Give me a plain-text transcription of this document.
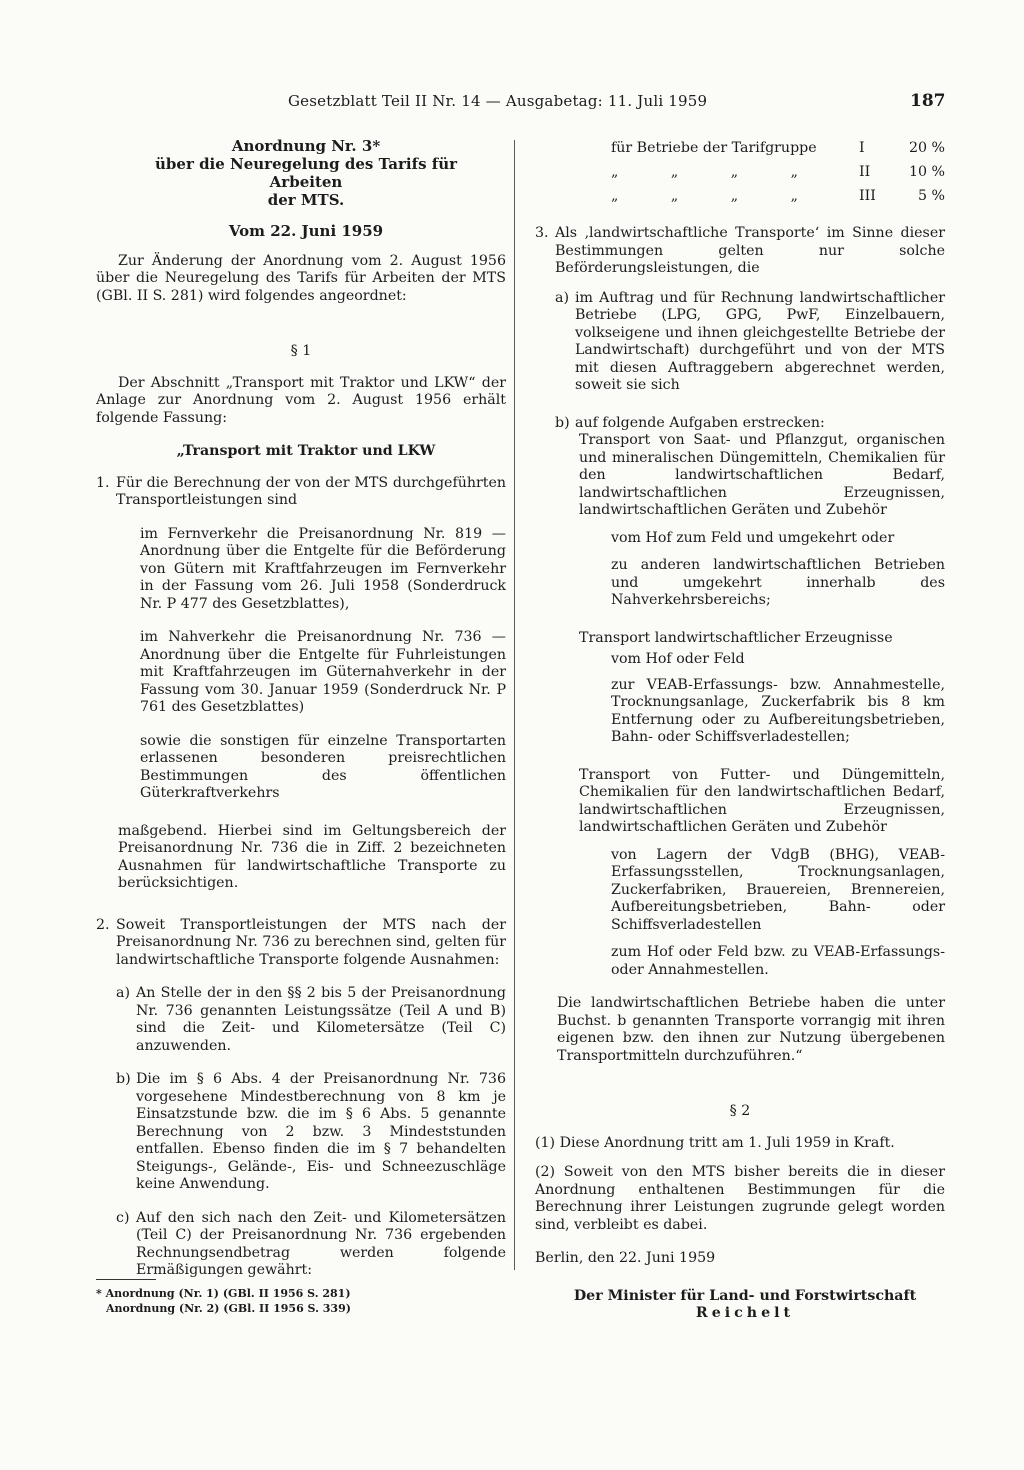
Gesetzblatt Teil II Nr. 14 — Ausgabetag: 11. Juli 1959	187
Anordnung Nr. 3*
über die Neuregelung des Tarifs für Arbeiten
der MTS.
Vom 22. Juni 1959

Zur Änderung der Anordnung vom 2. August 1956 über die Neuregelung des Tarifs für Arbeiten der MTS (GBl. II S. 281) wird folgendes angeordnet:

§ 1

Der Abschnitt „Transport mit Traktor und LKW“ der Anlage zur Anordnung vom 2. August 1956 erhält folgende Fassung:

„Transport mit Traktor und LKW
1. Für die Berechnung der von der MTS durchgeführten Transportleistungen sind

im Fernverkehr die Preisanordnung Nr. 819 — Anordnung über die Entgelte für die Beförderung von Gütern mit Kraftfahrzeugen im Fernverkehr in der Fassung vom 26. Juli 1958 (Sonderdruck Nr. P 477 des Gesetzblattes),

im Nahverkehr die Preisanordnung Nr. 736 — Anordnung über die Entgelte für Fuhrleistungen mit Kraftfahrzeugen im Güternahverkehr in der Fassung vom 30. Januar 1959 (Sonderdruck Nr. P 761 des Gesetzblattes)

sowie die sonstigen für einzelne Transportarten erlassenen besonderen preisrechtlichen Bestimmungen des öffentlichen Güterkraftverkehrs

maßgebend. Hierbei sind im Geltungsbereich der Preisanordnung Nr. 736 die in Ziff. 2 bezeichneten Ausnahmen für landwirtschaftliche Transporte zu berücksichtigen.

2. Soweit Transportleistungen der MTS nach der Preisanordnung Nr. 736 zu berechnen sind, gelten für landwirtschaftliche Transporte folgende Ausnahmen:
a) An Stelle der in den §§ 2 bis 5 der Preisanordnung Nr. 736 genannten Leistungssätze (Teil A und B) sind die Zeit- und Kilometersätze (Teil C) anzuwenden.
b) Die im § 6 Abs. 4 der Preisanordnung Nr. 736 vorgesehene Mindestberechnung von 8 km je Einsatzstunde bzw. die im § 6 Abs. 5 genannte Berechnung von 2 bzw. 3 Mindeststunden entfallen. Ebenso finden die im § 7 behandelten Steigungs-, Gelände-, Eis- und Schneezuschläge keine Anwendung.
c) Auf den sich nach den Zeit- und Kilometersätzen (Teil C) der Preisanordnung Nr. 736 ergebenden Rechnungsendbetrag werden folgende Ermäßigungen gewährt:
* Anordnung (Nr. 1) (GBl. II 1956 S. 281)
Anordnung (Nr. 2) (GBl. II 1956 S. 339)
für Betriebe der Tarifgruppe	I	20 %
„ „ „ „	II	10 %
„ „ „ „	III	5 %
3. Als ‚landwirtschaftliche Transporte‘ im Sinne dieser Bestimmungen gelten nur solche Beförderungsleistungen, die
a) im Auftrag und für Rechnung landwirtschaftlicher Betriebe (LPG, GPG, PwF, Einzelbauern, volkseigene und ihnen gleichgestellte Betriebe der Landwirtschaft) durchgeführt und von der MTS mit diesen Auftraggebern abgerechnet werden, soweit sie sich
b) auf folgende Aufgaben erstrecken:

Transport von Saat- und Pflanzgut, organischen und mineralischen Düngemitteln, Chemikalien für den landwirtschaftlichen Bedarf, landwirtschaftlichen Erzeugnissen, landwirtschaftlichen Geräten und Zubehör

vom Hof zum Feld und umgekehrt oder

zu anderen landwirtschaftlichen Betrieben und umgekehrt innerhalb des Nahverkehrsbereichs;

Transport landwirtschaftlicher Erzeugnisse

vom Hof oder Feld

zur VEAB-Erfassungs- bzw. Annahmestelle, Trocknungsanlage, Zuckerfabrik bis 8 km Entfernung oder zu Aufbereitungsbetrieben, Bahn- oder Schiffsverladestellen;

Transport von Futter- und Düngemitteln, Chemikalien für den landwirtschaftlichen Bedarf, landwirtschaftlichen Erzeugnissen, landwirtschaftlichen Geräten und Zubehör

von Lagern der VdgB (BHG), VEAB-Erfassungsstellen, Trocknungsanlagen, Zuckerfabriken, Brauereien, Brennereien, Aufbereitungsbetrieben, Bahn- oder Schiffsverladestellen

zum Hof oder Feld bzw. zu VEAB-Erfassungs- oder Annahmestellen.

Die landwirtschaftlichen Betriebe haben die unter Buchst. b genannten Transporte vorrangig mit ihren eigenen bzw. den ihnen zur Nutzung übergebenen Transportmitteln durchzuführen.“

§ 2

(1) Diese Anordnung tritt am 1. Juli 1959 in Kraft.

(2) Soweit von den MTS bisher bereits die in dieser Anordnung enthaltenen Bestimmungen für die Berechnung ihrer Leistungen zugrunde gelegt worden sind, verbleibt es dabei.

Berlin, den 22. Juni 1959

Der Minister für Land- und Forstwirtschaft
Reichelt
